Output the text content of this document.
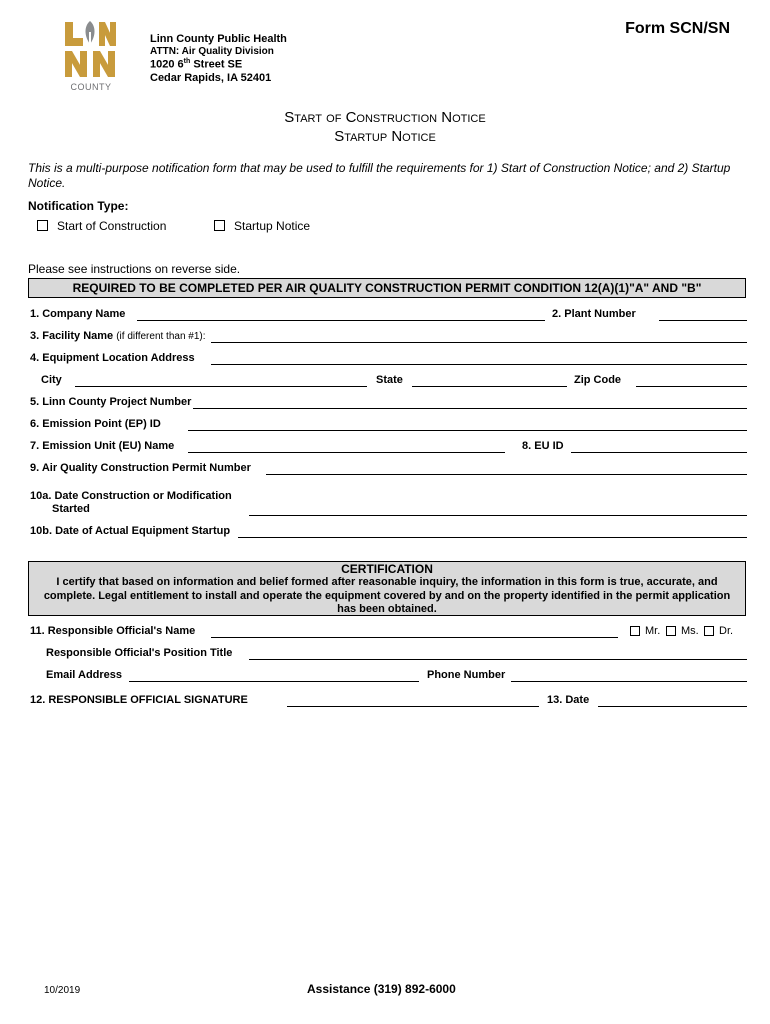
COUNTY
Linn County Public Health
ATTN: Air Quality Division
1020 6th Street SE
Cedar Rapids, IA 52401
Form SCN/SN
Start of Construction Notice
Startup Notice
This is a multi-purpose notification form that may be used to fulfill the requirements for 1) Start of Construction Notice; and 2) Startup Notice.
Notification Type:
Start of Construction	Startup Notice
Please see instructions on reverse side.
REQUIRED TO BE COMPLETED PER AIR QUALITY CONSTRUCTION PERMIT CONDITION 12(A)(1)"A" AND "B"
1. Company Name	2. Plant Number
3. Facility Name (if different than #1):
4. Equipment Location Address
City	State	Zip Code
5. Linn County Project Number
6. Emission Point (EP) ID
7. Emission Unit (EU) Name	8. EU ID
9. Air Quality Construction Permit Number
10a. Date Construction or Modification
Started
10b. Date of Actual Equipment Startup
CERTIFICATION
I certify that based on information and belief formed after reasonable inquiry, the information in this form is true, accurate, and complete. Legal entitlement to install and operate the equipment covered by and on the property identified in the permit application has been obtained.
11. Responsible Official's Name	Mr. Ms. Dr.
Responsible Official's Position Title
Email Address	Phone Number
12. RESPONSIBLE OFFICIAL SIGNATURE	13. Date
10/2019	Assistance (319) 892-6000
